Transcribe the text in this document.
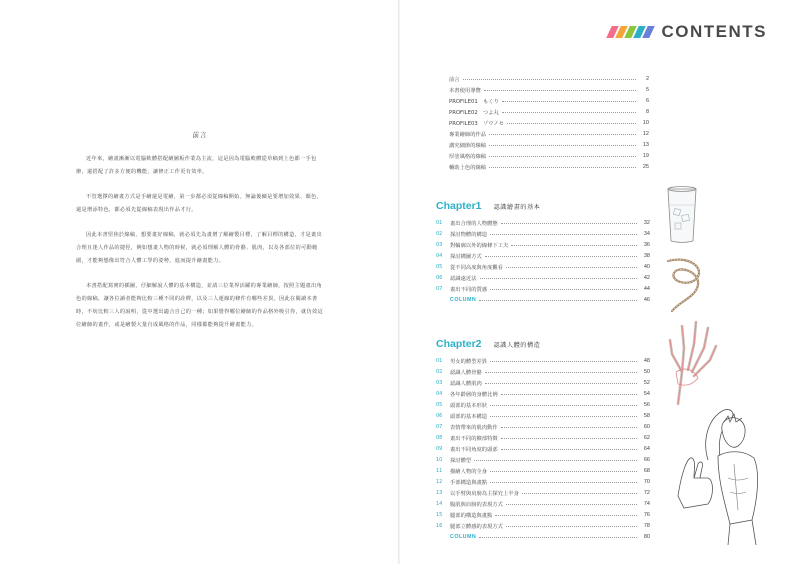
CONTENTS
前言

近年來，繪畫漸漸以電腦軟體搭配繪圖板作業為主流，這是因為電腦軟體從草稿到上色都一手包辦，還搭配了許多方便的機能，讓修正工作更有效率。

不管選擇的繪畫方式是手繪還是電繪，第一步都必須從線稿開始。無論後續是要增加效果、顏色，還是增添特色，都必須先從線稿表現出作品才行。

因此本書堅焦於線稿，想要畫好線稿，就必須先為畫增了解繪製目標，了解目標的構造，才是畫出合理且迷人作品的捷徑，例如想畫人物的時候，就必須理解人體的骨骼、肌肉，以及各部位的可動範圍，才能夠想像出符合人體工學的姿勢，進而提升繪畫能力。

本書搭配寫實的插圖，仔細解說人體的基本構造，並請三位業界活躍的專業繪師，按照主題畫出角色的線稿，讓各位讀者能夠比較三種不同的詮釋，以及三人運線的條件有哪些差異。因此在閱讀本書時，不妨比較三人的說明，從中選出適合自己的一種；如果覺得哪位繪師的作品格外吸引你，就仿效這位繪師的畫作，或是繪製大量自成風格的作品，同樣都能夠提升繪畫能力。

前言	2
本書使用導覽	5
PROFILE01　もくり	6
PROFILE02　つよ丸	8
PROFILE03　ゾウノセ	10
專業繪師的作品	12
講究細節的線稿	13
厚塗風格的線稿	19
輔助上色的線稿	25
Chapter1 認識繪畫的基本
01	畫出合理的人物體態	32
02	探討物體的構造	34
03	對輪廓以外的線條下工夫	36
04	探討構圖方式	38
05	從不同高度與角度觀看	40
06	認識遠近法	42
07	畫出不同的質感	44
COLUMN	46
Chapter2 認識人體的構造
01	男女的體型差異	48
02	認識人體骨骼	50
03	認識人體肌肉	52
04	各年齡層的身體比例	54
05	頭部的基本形狀	56
06	頭部的基本構造	58
07	表情帶來的肌肉動作	60
08	畫出不同的臉部特徵	62
09	畫出不同角度的頭部	64
10	探討體型	66
11	描繪人物的全身	68
12	手部構造與畫點	70
13	以手臂與肩膀為主探究上半身	72
14	腹肌與肩膀的表現方式	74
15	腿部的構造與畫點	76
16	腿部立體感的表現方式	78
COLUMN	80
